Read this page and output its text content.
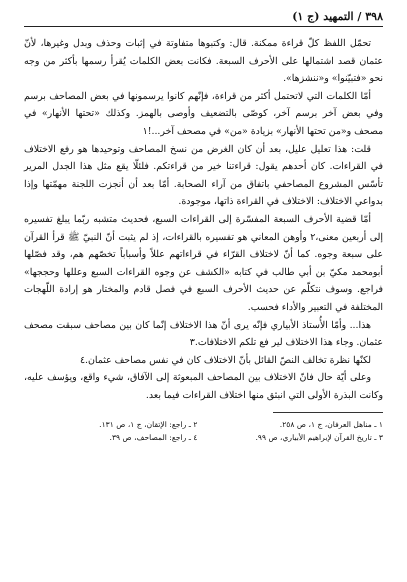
٣٩٨ / التمهيد (ج ١)

تحمّل اللفظ كلّ قراءة ممكنة. قال: وكتبوها متفاوتة في إثبات وحذف وبدل وغيرها، لأنّ عثمان قصد اشتمالها على الأحرف السبعة. فكانت بعض الكلمات يُقرأ رسمها بأكثر من وجه نحو «فتبيّنوا» و«ننشزها».

أمّا الكلمات التي لاتحتمل أكثر من قراءة، فإنّهم كانوا يرسمونها في بعض المصاحف برسم وفي بعض آخر برسم آخر، كوصّى بالتضعيف وأوصى بالهمز. وكذلك «تحتها الأنهار» في مصحف و«من تحتها الأنهار» بزيادة «من» في مصحف آخر...!١

قلت: هذا تعليل عليل، بعد أن كان الغرض من نسخ المصاحف وتوحيدها هو رفع الاختلاف في القراءات. كان أحدهم يقول: قراءتنا خير من قراءتكم. فلئلّا يقع مثل هذا الجدل المرير تأسّس المشروع المصاحفي باتفاق من آراء الصحابة. أمّا بعد أن أنجزت اللجنة مهمّتها وإذا بدواعي الاختلاف: الاختلاف في القراءة ذاتها، موجودة.

أمّا قضية الأحرف السبعة المفسّرة إلى القراءات السبع، فحديث متشبه ربّما يبلغ تفسيره إلى أربعين معنى،٢ وأوهن المعاني هو تفسيره بالقراءات، إذ لم يثبت أنّ النبيّ ﷺ قرأ القرآن على سبعة وجوه. كما أنّ لاختلاف القرّاء في قراءاتهم عللاً وأسباباً تخصّهم هم، وقد فصّلها أبومحمد مكيّ بن أبي طالب في كتابه «الكشف عن وجوه القراءات السبع وعللها وحججها» فراجع. وسوف نتكلّم عن حديث الأحرف السبع في فصل قادم والمختار هو إرادة اللّهجات المختلفة في التعبير والأداء فحسب.

هذا... وأمّا الأُستاذ الأبياري فإنّه يرى أنّ هذا الاختلاف إنّما كان بين مصاحف سبقت مصحف عثمان. وجاء هذا الاختلاف لير فع تلكم الاختلافات.٣

لكنّها نظرة تخالف النصّ القائل بأنّ الاختلاف كان في نفس مصاحف عثمان.٤

وعلى أيّة حال فانّ الاختلاف بين المصاحف المبعوثة إلى الآفاق، شيء واقع، ويؤسف عليه، وكانت البذرة الأولى التي انبثق منها اختلاف القراءات فيما بعد.

١ ـ مناهل العرفان، ج ١، ص ٢٥٨.
٢ ـ راجع: الإتقان، ج ١، ص ١٣١.
٣ ـ تاريخ القرآن لإبراهيم الأبياري، ص ٩٩.
٤ ـ راجع: المصاحف، ص ٣٩.
